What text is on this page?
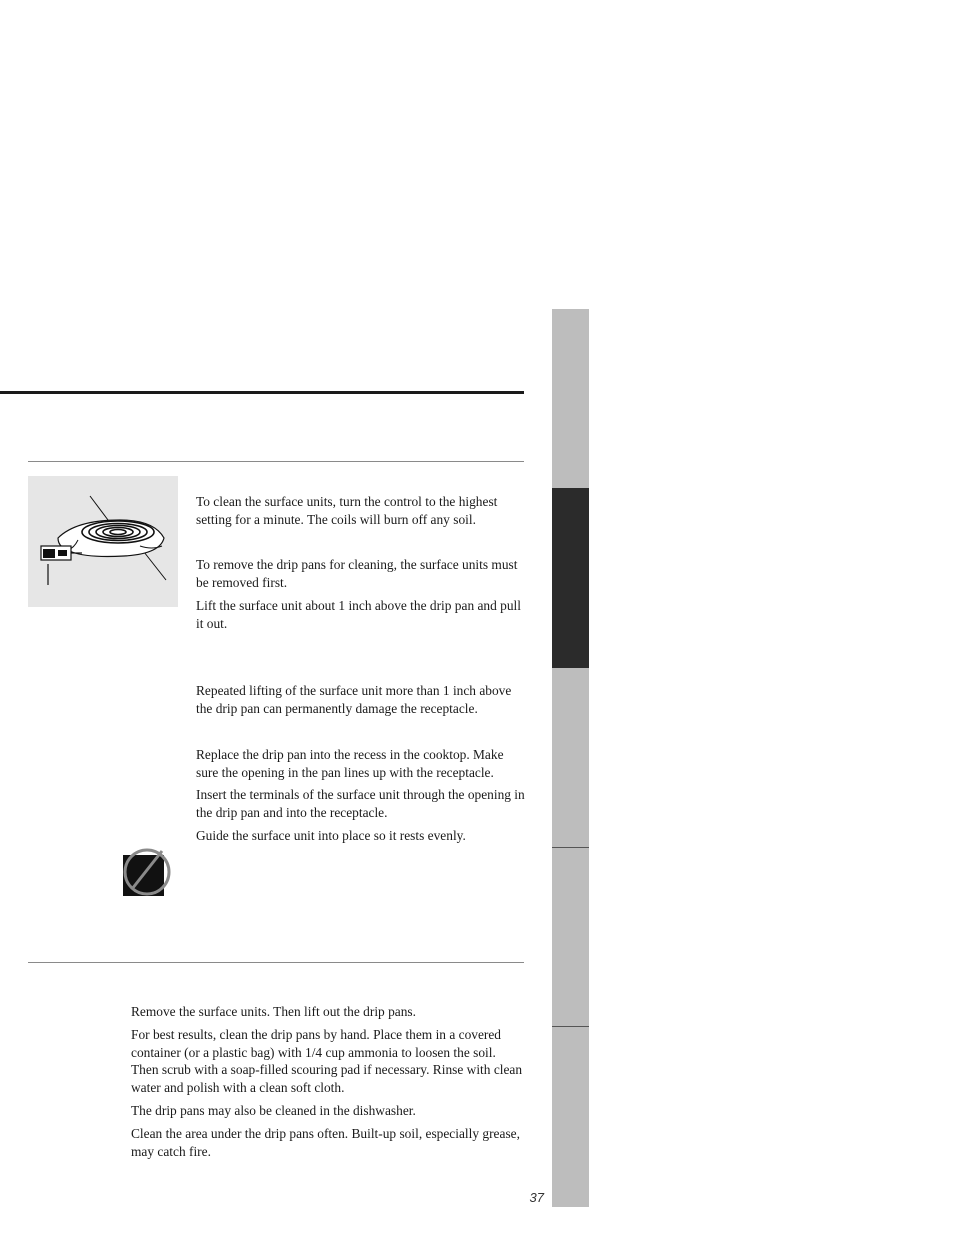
To clean the surface units, turn the control to the highest setting for a minute. The coils will burn off any soil.

To remove the drip pans for cleaning, the surface units must be removed first.

Lift the surface unit about 1 inch above the drip pan and pull it out.

Repeated lifting of the surface unit more than 1 inch above the drip pan can permanently damage the receptacle.

Replace the drip pan into the recess in the cooktop. Make sure the opening in the pan lines up with the receptacle.

Insert the terminals of the surface unit through the opening in the drip pan and into the receptacle.

Guide the surface unit into place so it rests evenly.

Remove the surface units. Then lift out the drip pans.

For best results, clean the drip pans by hand. Place them in a covered container (or a plastic bag) with 1/4 cup ammonia to loosen the soil. Then scrub with a soap-filled scouring pad if necessary. Rinse with clean water and polish with a clean soft cloth.

The drip pans may also be cleaned in the dishwasher.

Clean the area under the drip pans often. Built-up soil, especially grease, may catch fire.

37
